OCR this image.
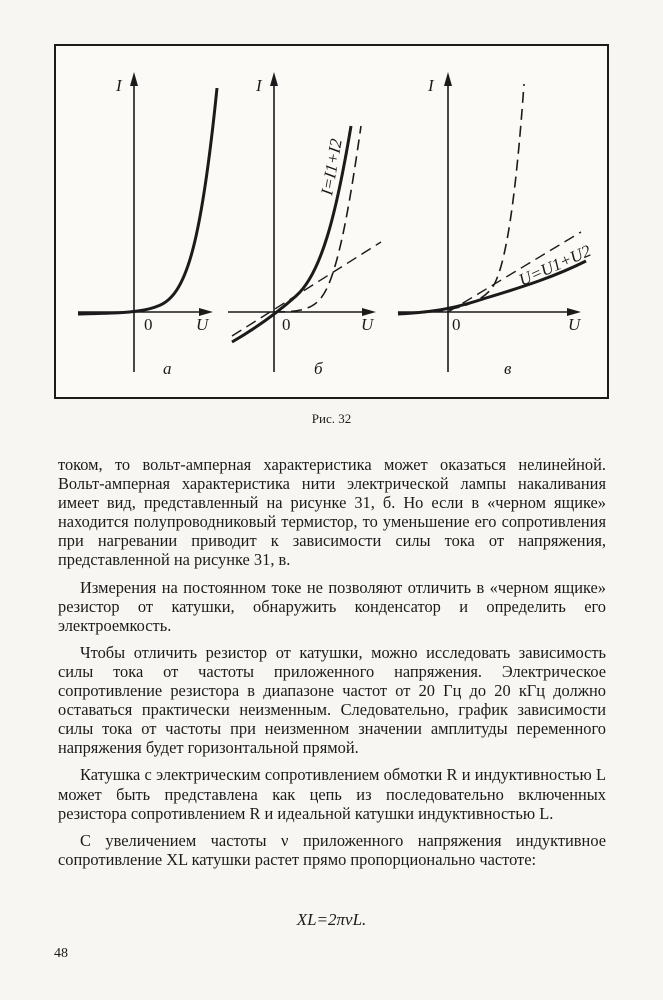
I
0	U
а
I
0	U
б
I=I1+I2
I
0	U
в
U=U1+U2
Рис. 32

током, то вольт-амперная характеристика может оказаться нелинейной. Вольт-амперная характеристика нити электрической лампы накаливания имеет вид, представленный на рисунке 31, б. Но если в «черном ящике» находится полупроводниковый термистор, то уменьшение его сопротивления при нагревании приводит к зависимости силы тока от напряжения, представленной на рисунке 31, в.

Измерения на постоянном токе не позволяют отличить в «черном ящике» резистор от катушки, обнаружить конденсатор и определить его электроемкость.

Чтобы отличить резистор от катушки, можно исследовать зависимость силы тока от частоты приложенного напряжения. Электрическое сопротивление резистора в диапазоне частот от 20 Гц до 20 кГц должно оставаться практически неизменным. Следовательно, график зависимости силы тока от частоты при неизменном значении амплитуды переменного напряжения будет горизонтальной прямой.

Катушка с электрическим сопротивлением обмотки R и индуктивностью L может быть представлена как цепь из последовательно включенных резистора сопротивлением R и идеальной катушки индуктивностью L.

С увеличением частоты ν приложенного напряжения индуктивное сопротивление XL катушки растет прямо пропорционально частоте:

XL=2πνL.
48
